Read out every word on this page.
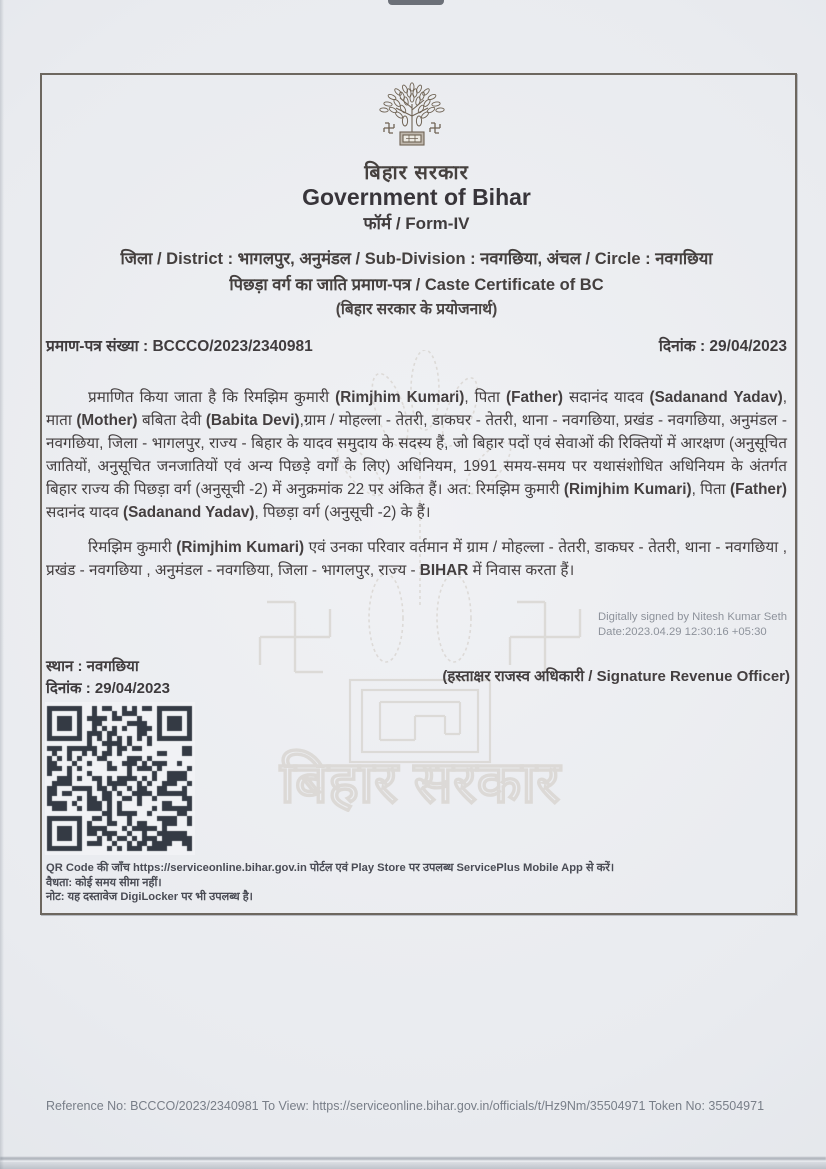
बिहार सरकार
बिहार सरकार
Government of Bihar
फॉर्म / Form-IV
जिला / District : भागलपुर, अनुमंडल / Sub-Division : नवगछिया, अंचल / Circle : नवगछिया
पिछड़ा वर्ग का जाति प्रमाण-पत्र / Caste Certificate of BC
(बिहार सरकार के प्रयोजनार्थ)
प्रमाण-पत्र संख्या : BCCCO/2023/2340981	दिनांक : 29/04/2023
प्रमाणित किया जाता है कि रिमझिम कुमारी (Rimjhim Kumari), पिता (Father) सदानंद यादव (Sadanand Yadav), माता (Mother) बबिता देवी (Babita Devi),ग्राम / मोहल्ला - तेतरी, डाकघर - तेतरी, थाना - नवगछिया, प्रखंड - नवगछिया, अनुमंडल - नवगछिया, जिला - भागलपुर, राज्य - बिहार के यादव समुदाय के सदस्य हैं, जो बिहार पदों एवं सेवाओं की रिक्तियों में आरक्षण (अनुसूचित जातियों, अनुसूचित जनजातियों एवं अन्य पिछड़े वर्गों के लिए) अधिनियम, 1991 समय-समय पर यथासंशोधित अधिनियम के अंतर्गत बिहार राज्य की पिछड़ा वर्ग (अनुसूची -2) में अनुक्रमांक 22 पर अंकित हैं। अत: रिमझिम कुमारी (Rimjhim Kumari), पिता (Father) सदानंद यादव (Sadanand Yadav), पिछड़ा वर्ग (अनुसूची -2) के हैं।
रिमझिम कुमारी (Rimjhim Kumari) एवं उनका परिवार वर्तमान में ग्राम / मोहल्ला - तेतरी, डाकघर - तेतरी, थाना - नवगछिया , प्रखंड - नवगछिया , अनुमंडल - नवगछिया, जिला - भागलपुर, राज्य - BIHAR में निवास करता हैं।
Digitally signed by Nitesh Kumar Seth
Date:2023.04.29 12:30:16 +05:30
स्थान : नवगछिया
दिनांक : 29/04/2023
(हस्ताक्षर राजस्व अधिकारी / Signature Revenue Officer)
QR Code की जाँच https://serviceonline.bihar.gov.in पोर्टल एवं Play Store पर उपलब्ध ServicePlus Mobile App से करें।
वैधता: कोई समय सीमा नहीं।
नोट: यह दस्तावेज DigiLocker पर भी उपलब्ध है।
Reference No: BCCCO/2023/2340981 To View: https://serviceonline.bihar.gov.in/officials/t/Hz9Nm/35504971 Token No: 35504971
